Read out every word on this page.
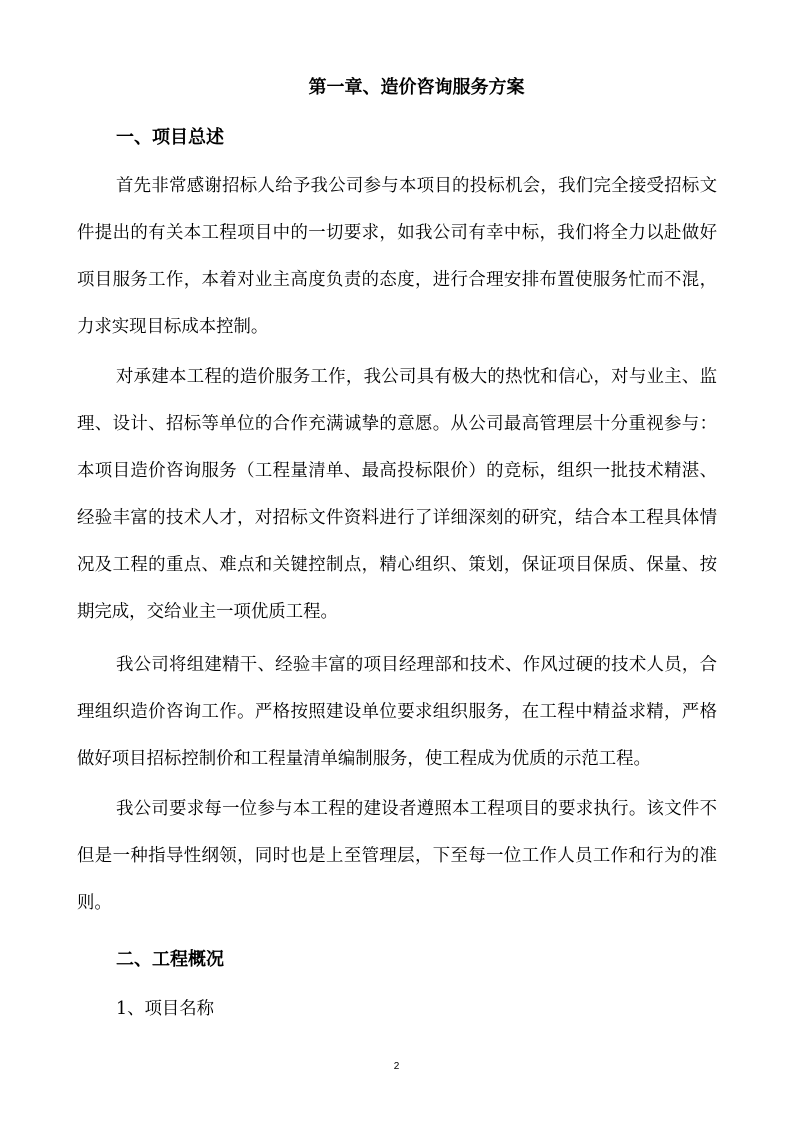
第一章、造价咨询服务方案
一、项目总述

首先非常感谢招标人给予我公司参与本项目的投标机会，我们完全接受招标文件提出的有关本工程项目中的一切要求，如我公司有幸中标，我们将全力以赴做好项目服务工作，本着对业主高度负责的态度，进行合理安排布置使服务忙而不混，力求实现目标成本控制。

对承建本工程的造价服务工作，我公司具有极大的热忱和信心，对与业主、监理、设计、招标等单位的合作充满诚挚的意愿。从公司最高管理层十分重视参与：本项目造价咨询服务（工程量清单、最高投标限价）的竞标，组织一批技术精湛、经验丰富的技术人才，对招标文件资料进行了详细深刻的研究，结合本工程具体情况及工程的重点、难点和关键控制点，精心组织、策划，保证项目保质、保量、按期完成，交给业主一项优质工程。

我公司将组建精干、经验丰富的项目经理部和技术、作风过硬的技术人员，合理组织造价咨询工作。严格按照建设单位要求组织服务，在工程中精益求精，严格做好项目招标控制价和工程量清单编制服务，使工程成为优质的示范工程。

我公司要求每一位参与本工程的建设者遵照本工程项目的要求执行。该文件不但是一种指导性纲领，同时也是上至管理层，下至每一位工作人员工作和行为的准则。

二、工程概况
1、项目名称
2
